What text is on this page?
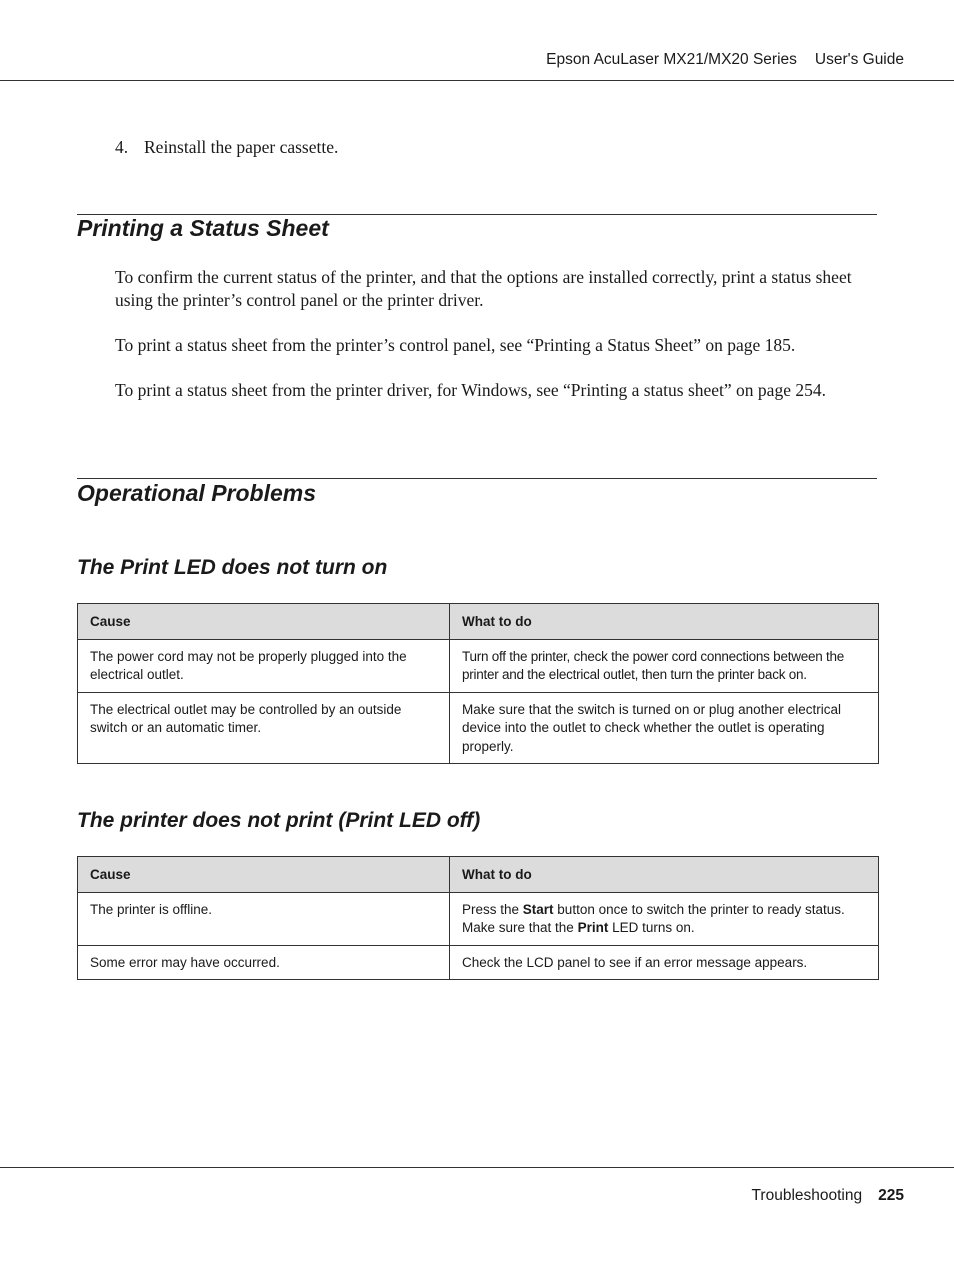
Epson AcuLaser MX21/MX20 Series User's Guide
4. Reinstall the paper cassette.
Printing a Status Sheet

To confirm the current status of the printer, and that the options are installed correctly, print a status sheet using the printer’s control panel or the printer driver.

To print a status sheet from the printer’s control panel, see “Printing a Status Sheet” on page 185.

To print a status sheet from the printer driver, for Windows, see “Printing a status sheet” on page 254.

Operational Problems
The Print LED does not turn on
Cause	What to do
The power cord may not be properly plugged into the electrical outlet.	Turn off the printer, check the power cord connections between the printer and the electrical outlet, then turn the printer back on.
The electrical outlet may be controlled by an outside switch or an automatic timer.	Make sure that the switch is turned on or plug another electrical device into the outlet to check whether the outlet is operating properly.
The printer does not print (Print LED off)
Cause	What to do
The printer is offline.	Press the Start button once to switch the printer to ready status. Make sure that the Print LED turns on.
Some error may have occurred.	Check the LCD panel to see if an error message appears.
Troubleshooting 225
